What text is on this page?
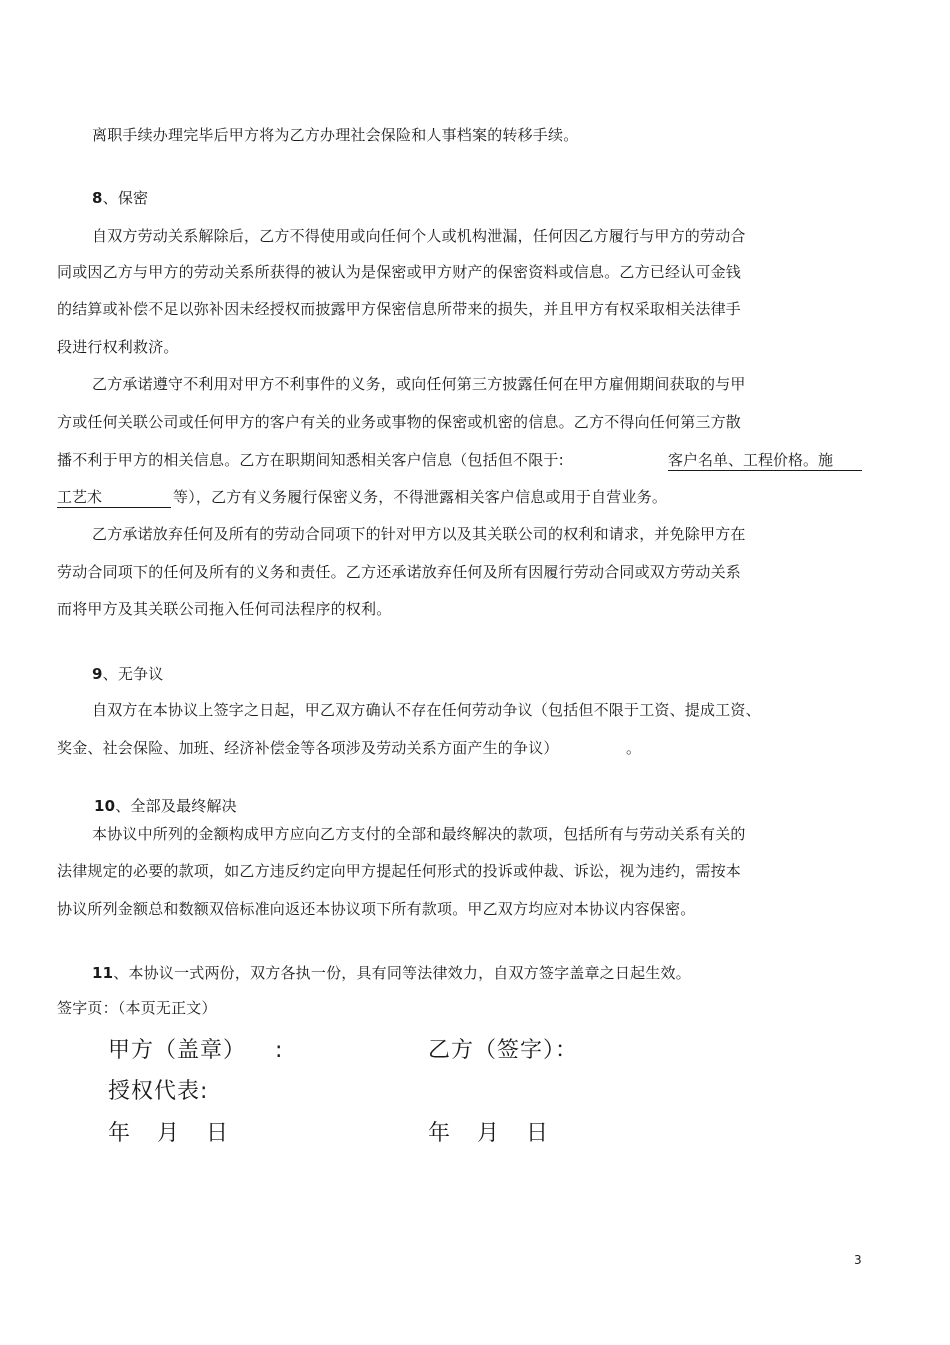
离职手续办理完毕后甲方将为乙方办理社会保险和人事档案的转移手续。
8、保密
自双方劳动关系解除后，乙方不得使用或向任何个人或机构泄漏，任何因乙方履行与甲方的劳动合
同或因乙方与甲方的劳动关系所获得的被认为是保密或甲方财产的保密资料或信息。乙方已经认可金钱
的结算或补偿不足以弥补因未经授权而披露甲方保密信息所带来的损失，并且甲方有权采取相关法律手
段进行权利救济。
乙方承诺遵守不利用对甲方不利事件的义务，或向任何第三方披露任何在甲方雇佣期间获取的与甲
方或任何关联公司或任何甲方的客户有关的业务或事物的保密或机密的信息。乙方不得向任何第三方散
播不利于甲方的相关信息。乙方在职期间知悉相关客户信息（包括但不限于:	客户名单、工程价格。施
工艺术	等），乙方有义务履行保密义务，不得泄露相关客户信息或用于自营业务。
乙方承诺放弃任何及所有的劳动合同项下的针对甲方以及其关联公司的权利和请求，并免除甲方在
劳动合同项下的任何及所有的义务和责任。乙方还承诺放弃任何及所有因履行劳动合同或双方劳动关系
而将甲方及其关联公司拖入任何司法程序的权利。
9、无争议
自双方在本协议上签字之日起，甲乙双方确认不存在任何劳动争议（包括但不限于工资、提成工资、
奖金、社会保险、加班、经济补偿金等各项涉及劳动关系方面产生的争议）	。
10、全部及最终解决
本协议中所列的金额构成甲方应向乙方支付的全部和最终解决的款项，包括所有与劳动关系有关的
法律规定的必要的款项，如乙方违反约定向甲方提起任何形式的投诉或仲裁、诉讼，视为违约，需按本
协议所列金额总和数额双倍标准向返还本协议项下所有款项。甲乙双方均应对本协议内容保密。
11、本协议一式两份，双方各执一份，具有同等法律效力，自双方签字盖章之日起生效。
签字页：（本页无正文）
甲方（盖章） :	乙方（签字）：
授权代表:
年 月 日	年 月 日
3
